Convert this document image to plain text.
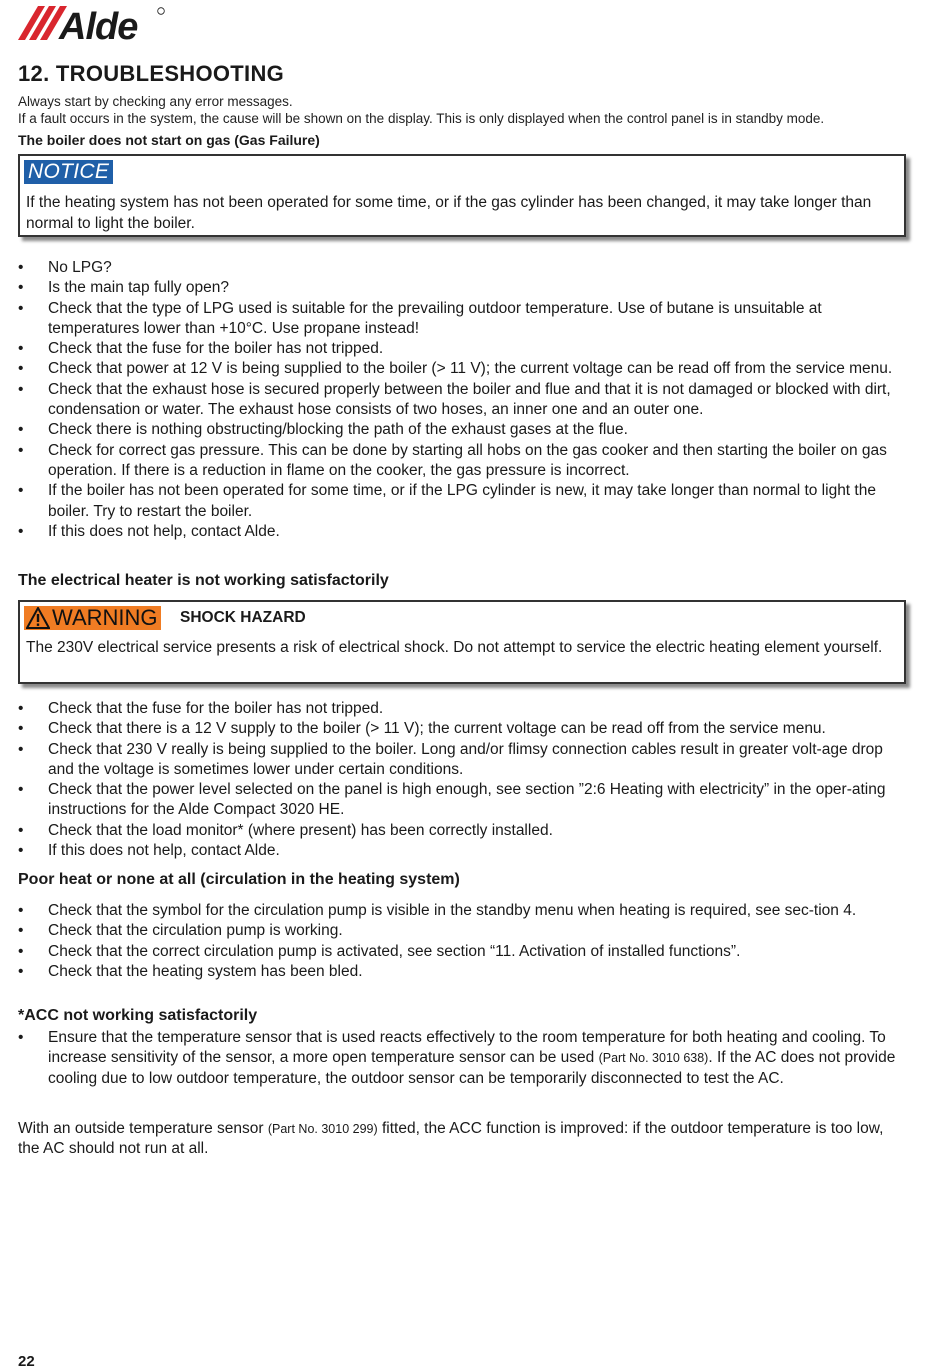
Alde
12. TROUBLESHOOTING
Always start by checking any error messages.
If a fault occurs in the system, the cause will be shown on the display. This is only displayed when the control panel is in standby mode.
The boiler does not start on gas (Gas Failure)
NOTICE
If the heating system has not been operated for some time, or if the gas cylinder has been changed, it may take longer than normal to light the boiler.
• No LPG?
• Is the main tap fully open?
• Check that the type of LPG used is suitable for the prevailing outdoor temperature. Use of butane is unsuitable at temperatures lower than +10°C. Use propane instead!
• Check that the fuse for the boiler has not tripped.
• Check that power at 12 V is being supplied to the boiler (> 11 V); the current voltage can be read off from the service menu.
• Check that the exhaust hose is secured properly between the boiler and flue and that it is not damaged or blocked with dirt, condensation or water. The exhaust hose consists of two hoses, an inner one and an outer one.
• Check there is nothing obstructing/blocking the path of the exhaust gases at the flue.
• Check for correct gas pressure. This can be done by starting all hobs on the gas cooker and then starting the boiler on gas operation. If there is a reduction in flame on the cooker, the gas pressure is incorrect.
• If the boiler has not been operated for some time, or if the LPG cylinder is new, it may take longer than normal to light the boiler. Try to restart the boiler.
• If this does not help, contact Alde.
The electrical heater is not working satisfactorily
WARNING SHOCK HAZARD
The 230V electrical service presents a risk of electrical shock. Do not attempt to service the electric heating element yourself.
• Check that the fuse for the boiler has not tripped.
• Check that there is a 12 V supply to the boiler (> 11 V); the current voltage can be read off from the service menu.
• Check that 230 V really is being supplied to the boiler. Long and/or flimsy connection cables result in greater volt-age drop and the voltage is sometimes lower under certain conditions.
• Check that the power level selected on the panel is high enough, see section ”2:6 Heating with electricity” in the oper-ating instructions for the Alde Compact 3020 HE.
• Check that the load monitor* (where present) has been correctly installed.
• If this does not help, contact Alde.
Poor heat or none at all (circulation in the heating system)
• Check that the symbol for the circulation pump is visible in the standby menu when heating is required, see sec-tion 4.
• Check that the circulation pump is working.
• Check that the correct circulation pump is activated, see section “11. Activation of installed functions”.
• Check that the heating system has been bled.
*ACC not working satisfactorily
• Ensure that the temperature sensor that is used reacts effectively to the room temperature for both heating and cooling. To increase sensitivity of the sensor, a more open temperature sensor can be used (Part No. 3010 638). If the AC does not provide cooling due to low outdoor temperature, the outdoor sensor can be temporarily disconnected to test the AC.
With an outside temperature sensor (Part No. 3010 299) fitted, the ACC function is improved: if the outdoor temperature is too low, the AC should not run at all.
22
